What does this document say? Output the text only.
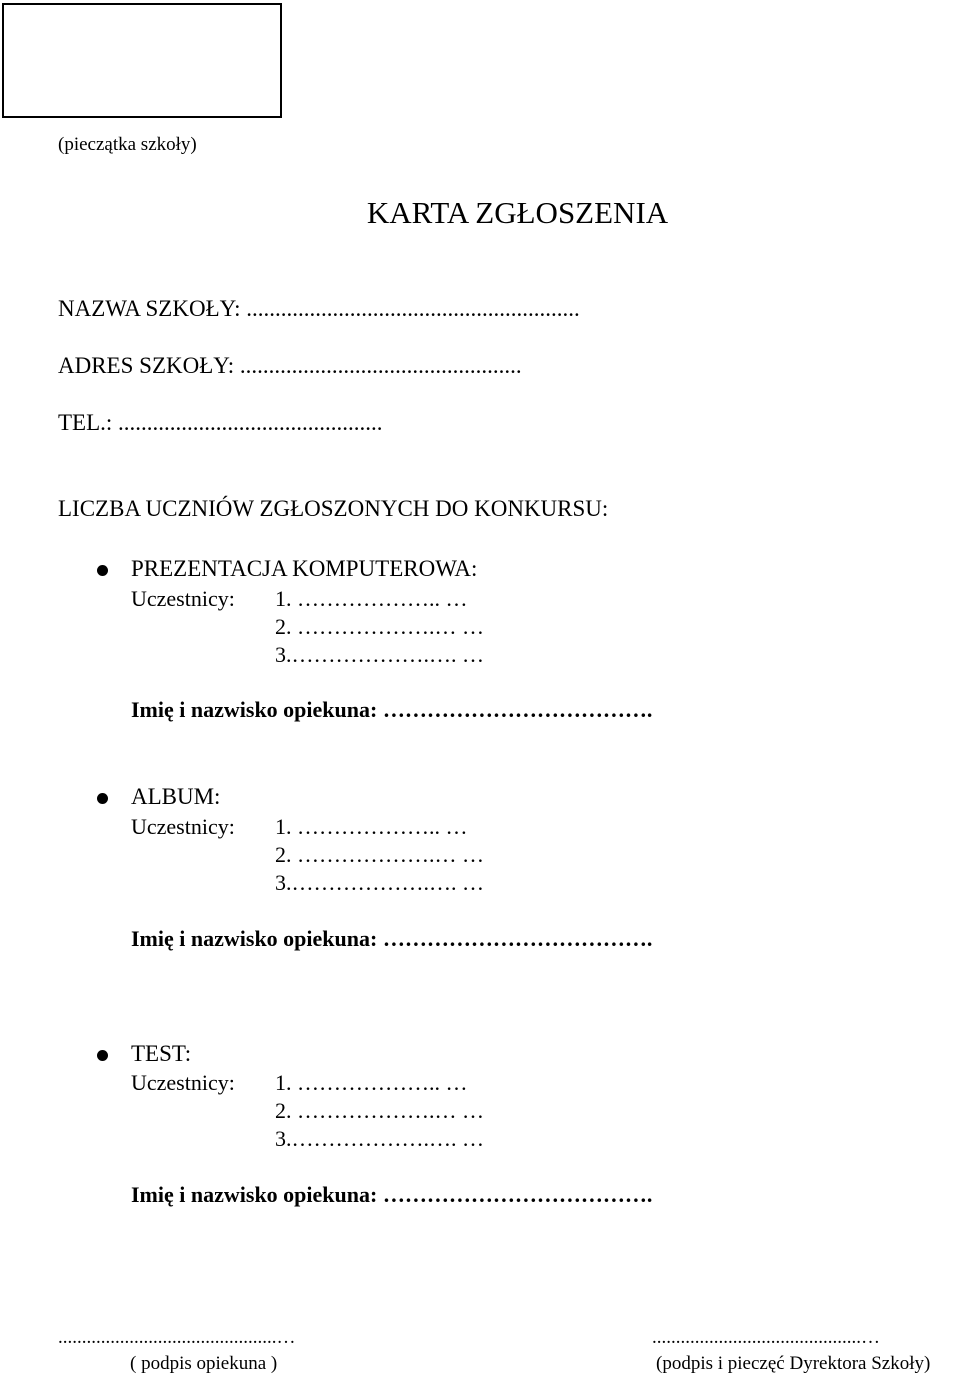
(pieczątka szkoły)
KARTA ZGŁOSZENIA
NAZWA SZKOŁY: ..........................................................
ADRES SZKOŁY: .................................................
TEL.: ..............................................
LICZBA UCZNIÓW ZGŁOSZONYCH DO KONKURSU:
PREZENTACJA KOMPUTEROWA:
Uczestnicy: 1. ……………….. …
2. ……………….… …
3.……………….…. …
Imię i nazwisko opiekuna: ……………………………….
ALBUM:
Uczestnicy: 1. ……………….. …
2. ……………….… …
3.……………….…. …
Imię i nazwisko opiekuna: ……………………………….
TEST:
Uczestnicy: 1. ……………….. …
2. ……………….… …
3.……………….…. …
Imię i nazwisko opiekuna: ……………………………….
..............................................…
( podpis opiekuna )
............................................…
(podpis i pieczęć Dyrektora Szkoły)
